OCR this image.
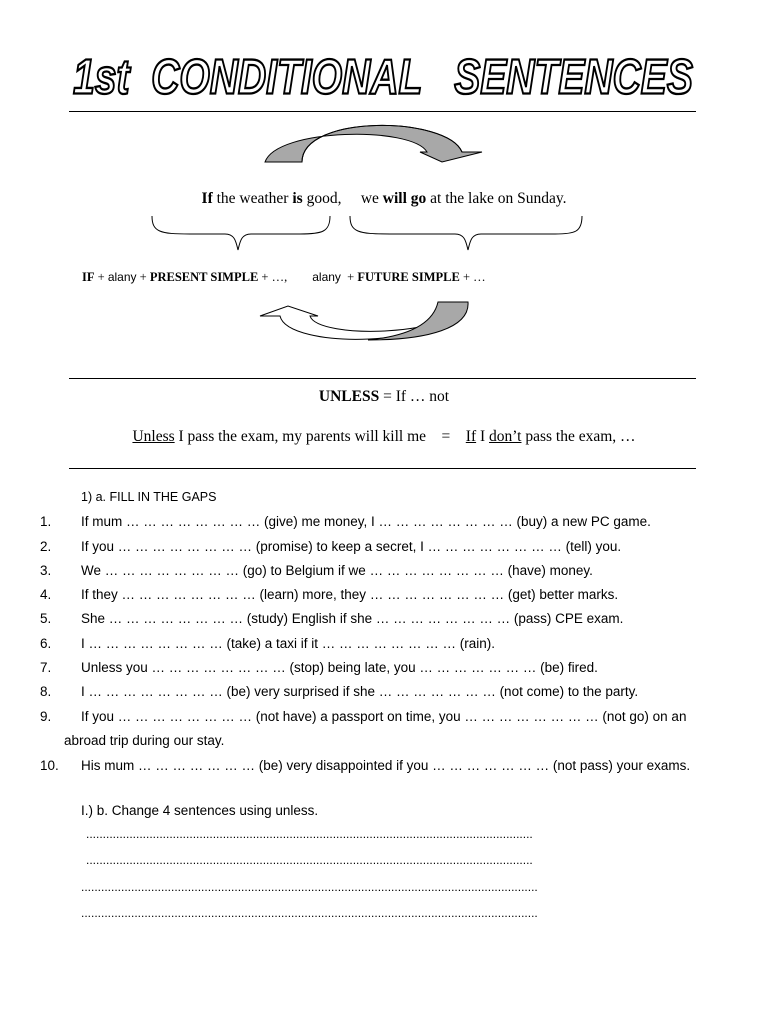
1st  CONDITIONAL   SENTENCES
If the weather is good, we will go at the lake on Sunday.
IF + alany + PRESENT SIMPLE + …, alany  + FUTURE SIMPLE + …
UNLESS = If … not
Unless I pass the exam, my parents will kill me    =    If I don’t pass the exam, …
1) a. FILL IN THE GAPS
1.	If mum … … … … … … … … (give) me money, I … … … … … … … … (buy) a new PC game.
2.	If you … … … … … … … … (promise) to keep a secret, I … … … … … … … … (tell) you.
3.	We … … … … … … … … (go) to Belgium if we … … … … … … … … (have) money.
4.	If they … … … … … … … … (learn) more, they … … … … … … … … (get) better marks.
5.	She … … … … … … … … (study) English if she … … … … … … … … (pass) CPE exam.
6.	I … … … … … … … … (take) a taxi if it … … … … … … … … (rain).
7.	Unless you … … … … … … … … (stop) being late, you … … … … … … … (be) fired.
8.	I … … … … … … … … (be) very surprised if she … … … … … … … (not come) to the party.
9.	If you … … … … … … … … (not have) a passport on time, you … … … … … … … … (not go) on an
abroad trip during our stay.
10.	His mum … … … … … … … (be) very disappointed if you … … … … … … … (not pass) your exams.
I.) b. Change 4 sentences using unless.
......................................................................................................................................
......................................................................................................................................
.........................................................................................................................................
.........................................................................................................................................
